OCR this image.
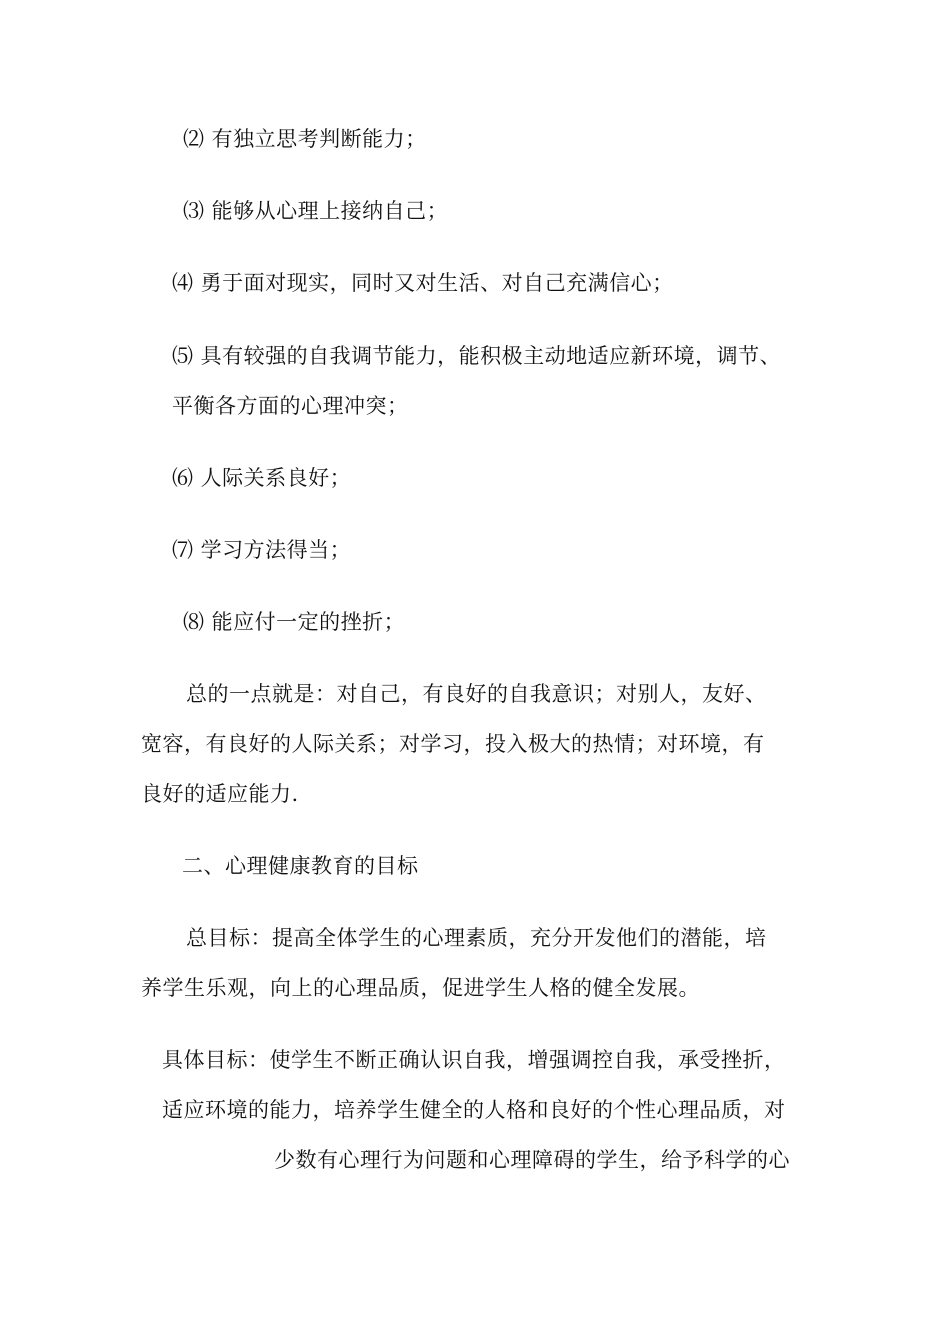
⑵ 有独立思考判断能力；
⑶ 能够从心理上接纳自己；
⑷ 勇于面对现实，同时又对生活、对自己充满信心；
⑸ 具有较强的自我调节能力，能积极主动地适应新环境，调节、
平衡各方面的心理冲突；
⑹ 人际关系良好；
⑺ 学习方法得当；
⑻ 能应付一定的挫折；
总的一点就是：对自己，有良好的自我意识；对别人，友好、
宽容，有良好的人际关系；对学习，投入极大的热情；对环境，有
良好的适应能力.
二、心理健康教育的目标
总目标：提高全体学生的心理素质，充分开发他们的潜能，培
养学生乐观，向上的心理品质，促进学生人格的健全发展。
具体目标：使学生不断正确认识自我，增强调控自我，承受挫折，
适应环境的能力，培养学生健全的人格和良好的个性心理品质，对
少数有心理行为问题和心理障碍的学生，给予科学的心
